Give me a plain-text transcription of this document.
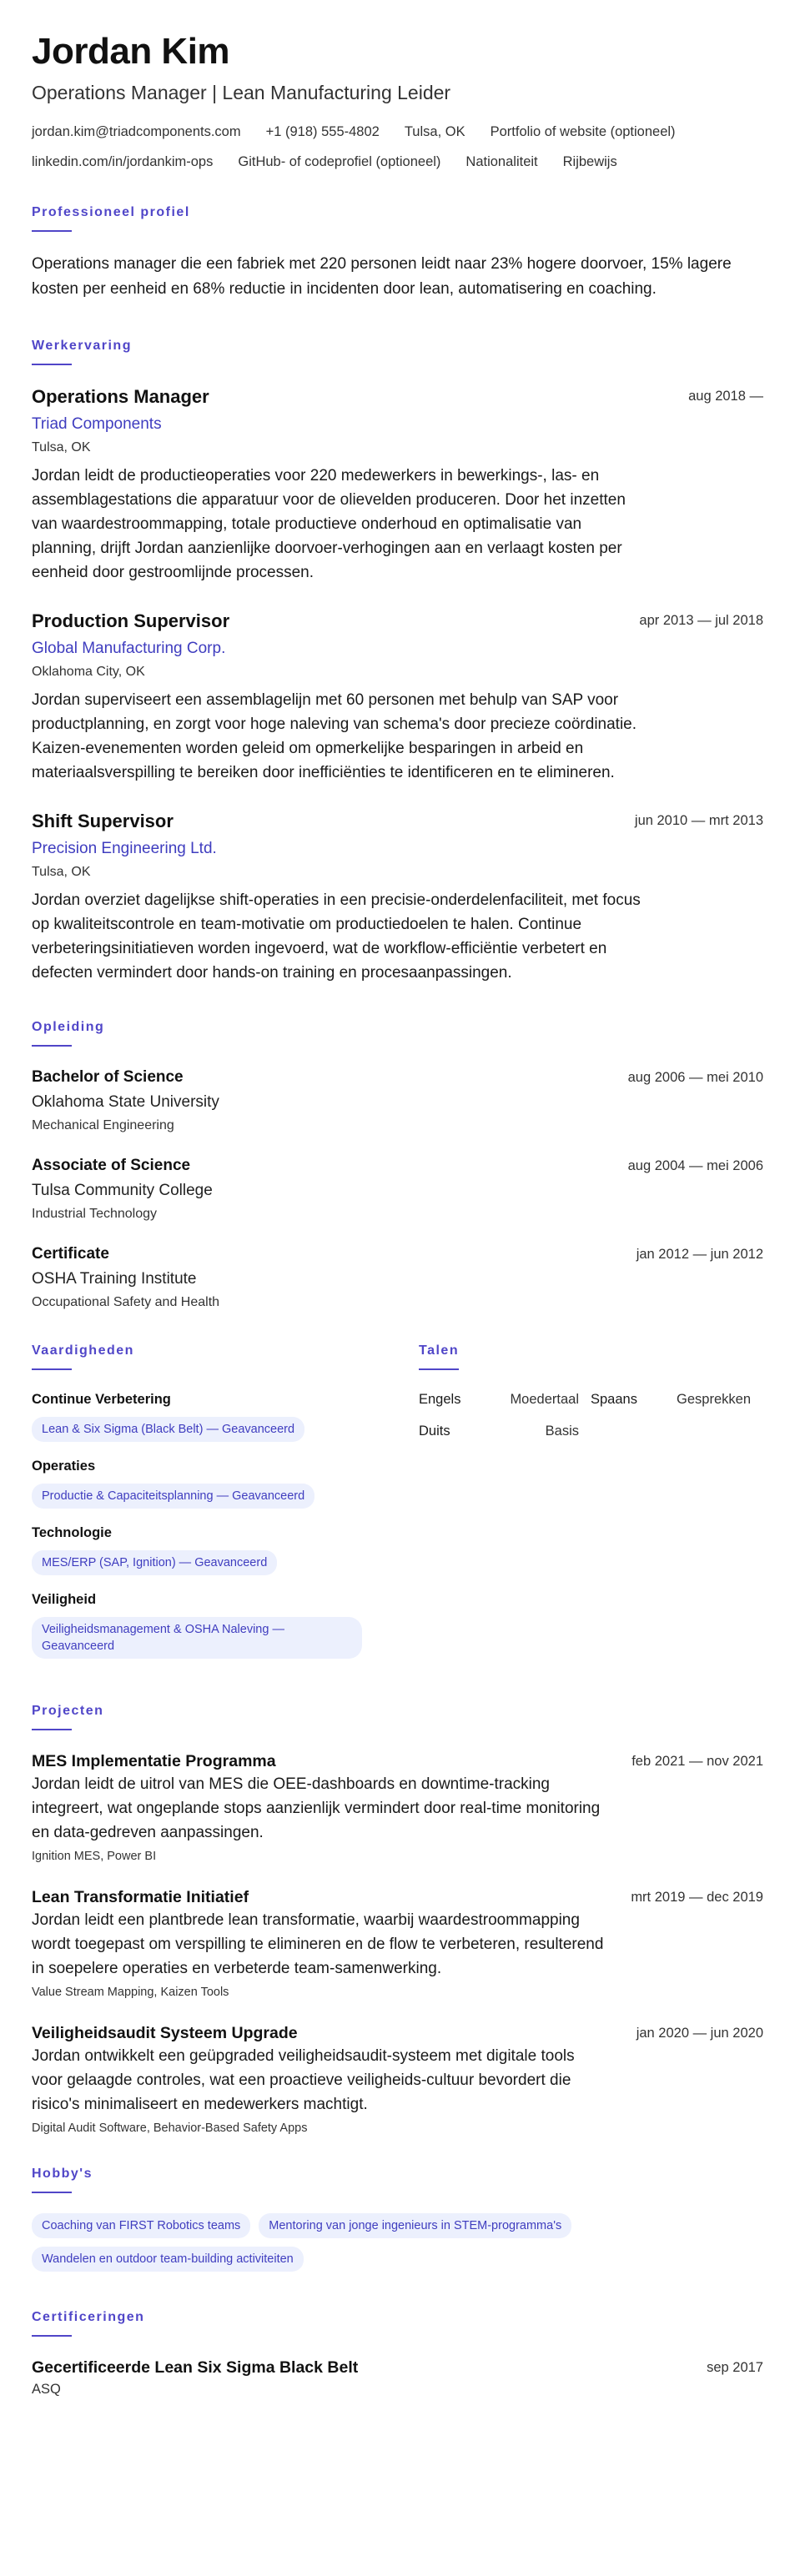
Jordan Kim
Operations Manager | Lean Manufacturing Leider
jordan.kim@triadcomponents.com +1 (918) 555-4802 Tulsa, OK Portfolio of website (optioneel)
linkedin.com/in/jordankim-ops GitHub- of codeprofiel (optioneel) Nationaliteit Rijbewijs
Professioneel profiel
Operations manager die een fabriek met 220 personen leidt naar 23% hogere doorvoer, 15% lagere kosten per eenheid en 68% reductie in incidenten door lean, automatisering en coaching.
Werkervaring
Operations Manager	aug 2018 —
Triad Components
Tulsa, OK
Jordan leidt de productieoperaties voor 220 medewerkers in bewerkings-, las- en assemblagestations die apparatuur voor de olievelden produceren. Door het inzetten van waardestroommapping, totale productieve onderhoud en optimalisatie van planning, drijft Jordan aanzienlijke doorvoer-verhogingen aan en verlaagt kosten per eenheid door gestroomlijnde processen.
Production Supervisor	apr 2013 — jul 2018
Global Manufacturing Corp.
Oklahoma City, OK
Jordan superviseert een assemblagelijn met 60 personen met behulp van SAP voor productplanning, en zorgt voor hoge naleving van schema's door precieze coördinatie. Kaizen-evenementen worden geleid om opmerkelijke besparingen in arbeid en materiaalsverspilling te bereiken door inefficiënties te identificeren en te elimineren.
Shift Supervisor	jun 2010 — mrt 2013
Precision Engineering Ltd.
Tulsa, OK
Jordan overziet dagelijkse shift-operaties in een precisie-onderdelenfaciliteit, met focus op kwaliteitscontrole en team-motivatie om productiedoelen te halen. Continue verbeteringsinitiatieven worden ingevoerd, wat de workflow-efficiëntie verbetert en defecten vermindert door hands-on training en procesaanpassingen.
Opleiding
Bachelor of Science	aug 2006 — mei 2010
Oklahoma State University
Mechanical Engineering
Associate of Science	aug 2004 — mei 2006
Tulsa Community College
Industrial Technology
Certificate	jan 2012 — jun 2012
OSHA Training Institute
Occupational Safety and Health
Vaardigheden
Continue Verbetering
Lean & Six Sigma (Black Belt) — Geavanceerd
Operaties
Productie & Capaciteitsplanning — Geavanceerd
Technologie
MES/ERP (SAP, Ignition) — Geavanceerd
Veiligheid
Veiligheidsmanagement & OSHA Naleving — Geavanceerd
Talen
Engels	Moedertaal Spaans	Gesprekken
Duits	Basis
Projecten
MES Implementatie Programma	feb 2021 — nov 2021
Jordan leidt de uitrol van MES die OEE-dashboards en downtime-tracking integreert, wat ongeplande stops aanzienlijk vermindert door real-time monitoring en data-gedreven aanpassingen.
Ignition MES, Power BI
Lean Transformatie Initiatief	mrt 2019 — dec 2019
Jordan leidt een plantbrede lean transformatie, waarbij waardestroommapping wordt toegepast om verspilling te elimineren en de flow te verbeteren, resulterend in soepelere operaties en verbeterde team-samenwerking.
Value Stream Mapping, Kaizen Tools
Veiligheidsaudit Systeem Upgrade	jan 2020 — jun 2020
Jordan ontwikkelt een geüpgraded veiligheidsaudit-systeem met digitale tools voor gelaagde controles, wat een proactieve veiligheids-cultuur bevordert die risico's minimaliseert en medewerkers machtigt.
Digital Audit Software, Behavior-Based Safety Apps
Hobby's
Coaching van FIRST Robotics teams Mentoring van jonge ingenieurs in STEM-programma'sWandelen en outdoor team-building activiteiten
Certificeringen
Gecertificeerde Lean Six Sigma Black Belt	sep 2017
ASQ
